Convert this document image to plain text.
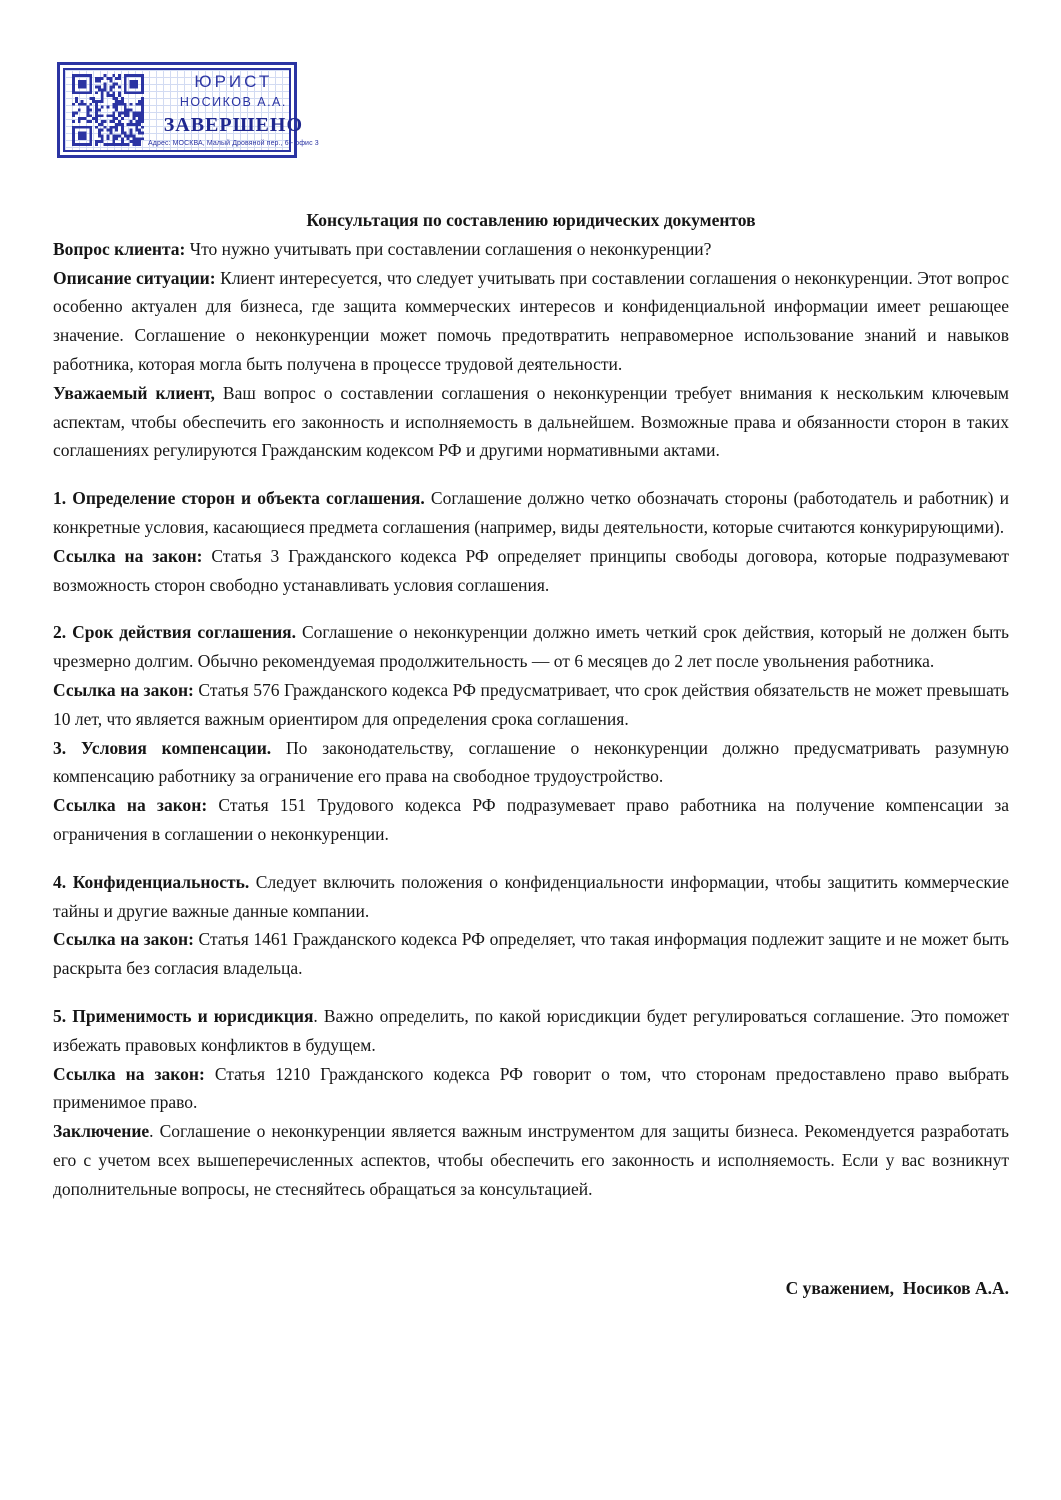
ЮРИСТ
НОСИКОВ А.А.
ЗАВЕРШЕНО
Адрес: МОСКВА, Малый Дровяной пер., 6 - офис 3
Консультация по составлению юридических документов

Вопрос клиента: Что нужно учитывать при составлении соглашения о неконкуренции?

Описание ситуации: Клиент интересуется, что следует учитывать при составлении соглашения о неконкуренции. Этот вопрос особенно актуален для бизнеса, где защита коммерческих интересов и конфиденциальной информации имеет решающее значение. Соглашение о неконкуренции может помочь предотвратить неправомерное использование знаний и навыков работника, которая могла быть получена в процессе трудовой деятельности.

Уважаемый клиент, Ваш вопрос о составлении соглашения о неконкуренции требует внимания к нескольким ключевым аспектам, чтобы обеспечить его законность и исполняемость в дальнейшем. Возможные права и обязанности сторон в таких соглашениях регулируются Гражданским кодексом РФ и другими нормативными актами.

1. Определение сторон и объекта соглашения. Соглашение должно четко обозначать стороны (работодатель и работник) и конкретные условия, касающиеся предмета соглашения (например, виды деятельности, которые считаются конкурирующими).

Ссылка на закон: Статья 3 Гражданского кодекса РФ определяет принципы свободы договора, которые подразумевают возможность сторон свободно устанавливать условия соглашения.

2. Срок действия соглашения. Соглашение о неконкуренции должно иметь четкий срок действия, который не должен быть чрезмерно долгим. Обычно рекомендуемая продолжительность — от 6 месяцев до 2 лет после увольнения работника.

Ссылка на закон: Статья 576 Гражданского кодекса РФ предусматривает, что срок действия обязательств не может превышать 10 лет, что является важным ориентиром для определения срока соглашения.

3. Условия компенсации. По законодательству, соглашение о неконкуренции должно предусматривать разумную компенсацию работнику за ограничение его права на свободное трудоустройство.

Ссылка на закон: Статья 151 Трудового кодекса РФ подразумевает право работника на получение компенсации за ограничения в соглашении о неконкуренции.

4. Конфиденциальность. Следует включить положения о конфиденциальности информации, чтобы защитить коммерческие тайны и другие важные данные компании.

Ссылка на закон: Статья 1461 Гражданского кодекса РФ определяет, что такая информация подлежит защите и не может быть раскрыта без согласия владельца.

5. Применимость и юрисдикция. Важно определить, по какой юрисдикции будет регулироваться соглашение. Это поможет избежать правовых конфликтов в будущем.

Ссылка на закон: Статья 1210 Гражданского кодекса РФ говорит о том, что сторонам предоставлено право выбрать применимое право.

Заключение. Соглашение о неконкуренции является важным инструментом для защиты бизнеса. Рекомендуется разработать его с учетом всех вышеперечисленных аспектов, чтобы обеспечить его законность и исполняемость. Если у вас возникнут дополнительные вопросы, не стесняйтесь обращаться за консультацией.

С уважением,  Носиков А.А.
